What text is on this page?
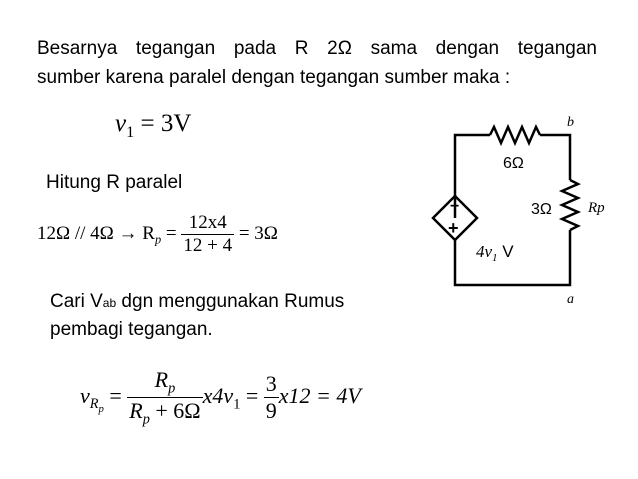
Besarnya tegangan pada R 2Ω sama dengan tegangan
sumber karena paralel dengan tegangan sumber maka :
$v_1 = 3V$
Hitung R paralel
$12\Omega // 4\Omega \to R_p = \frac{12x4}{12 + 4} = 3\Omega$
Cari Vab dgn menggunakan Rumus
pembagi tegangan.
$v_{R_p} = \frac{R_p}{R_p + 6\Omega} x4v_1 = \frac{3}{9} x12 = 4V$
−
+
6Ω
3Ω Rp
b
a
$4v_1$ V
